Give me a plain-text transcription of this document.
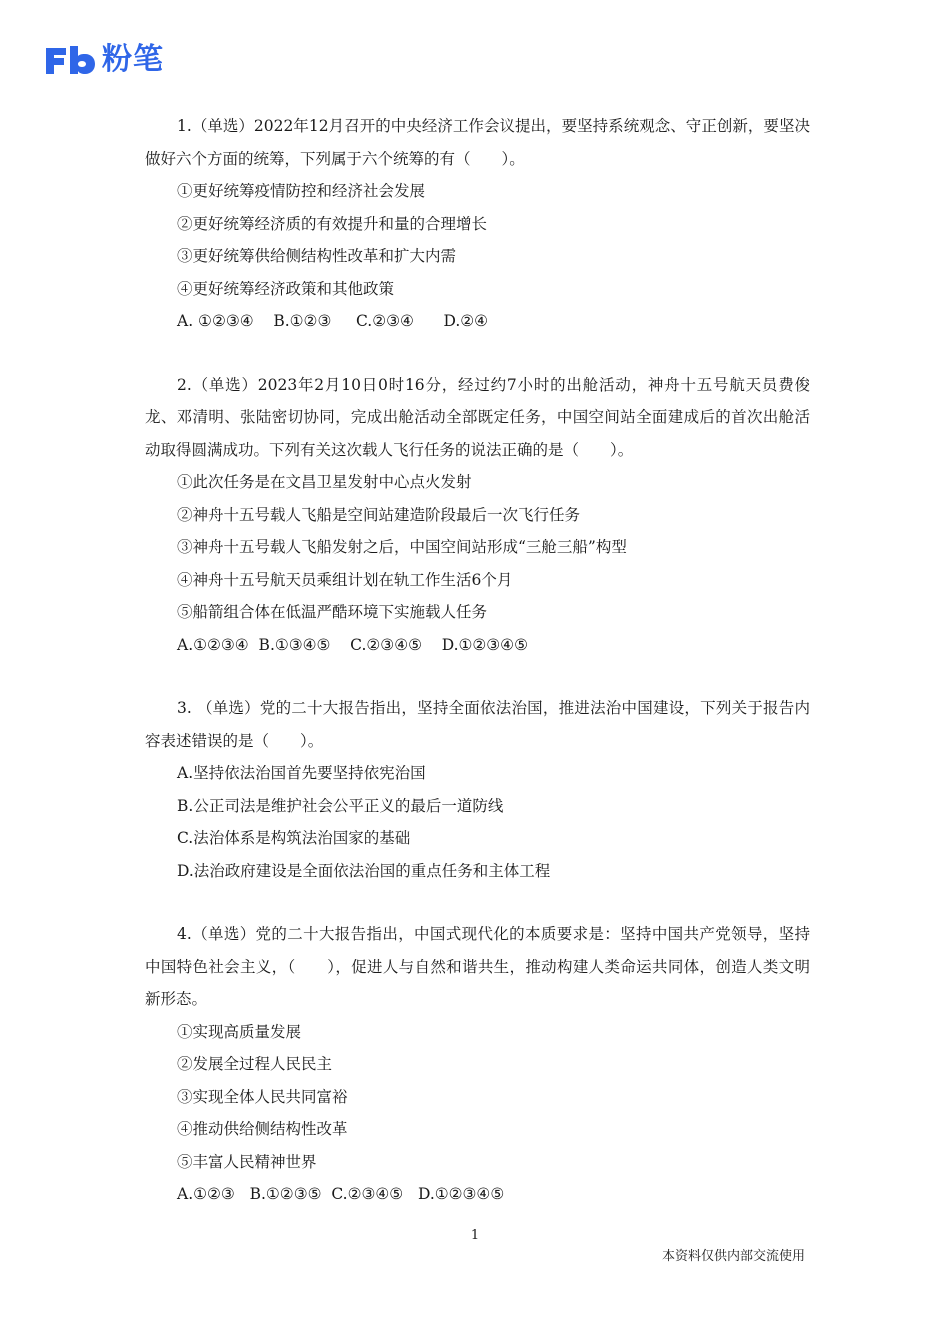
粉笔

1.（单选）2022年12月召开的中央经济工作会议提出，要坚持系统观念、守正创新，要坚决做好六个方面的统筹，下列属于六个统筹的有（　　）。

①更好统筹疫情防控和经济社会发展

②更好统筹经济质的有效提升和量的合理增长

③更好统筹供给侧结构性改革和扩大内需

④更好统筹经济政策和其他政策

A. ①②③④    B.①②③     C.②③④      D.②④

2.（单选）2023年2月10日0时16分，经过约7小时的出舱活动，神舟十五号航天员费俊龙、邓清明、张陆密切协同，完成出舱活动全部既定任务，中国空间站全面建成后的首次出舱活动取得圆满成功。下列有关这次载人飞行任务的说法正确的是（　　）。

①此次任务是在文昌卫星发射中心点火发射

②神舟十五号载人飞船是空间站建造阶段最后一次飞行任务

③神舟十五号载人飞船发射之后，中国空间站形成“三舱三船”构型

④神舟十五号航天员乘组计划在轨工作生活6个月

⑤船箭组合体在低温严酷环境下实施载人任务

A.①②③④  B.①③④⑤    C.②③④⑤    D.①②③④⑤

3. （单选）党的二十大报告指出，坚持全面依法治国，推进法治中国建设，下列关于报告内容表述错误的是（　　）。

A.坚持依法治国首先要坚持依宪治国

B.公正司法是维护社会公平正义的最后一道防线

C.法治体系是构筑法治国家的基础

D.法治政府建设是全面依法治国的重点任务和主体工程

4.（单选）党的二十大报告指出，中国式现代化的本质要求是：坚持中国共产党领导，坚持中国特色社会主义，（　　），促进人与自然和谐共生，推动构建人类命运共同体，创造人类文明新形态。

①实现高质量发展

②发展全过程人民民主

③实现全体人民共同富裕

④推动供给侧结构性改革

⑤丰富人民精神世界

A.①②③   B.①②③⑤  C.②③④⑤   D.①②③④⑤

1
本资料仅供内部交流使用
